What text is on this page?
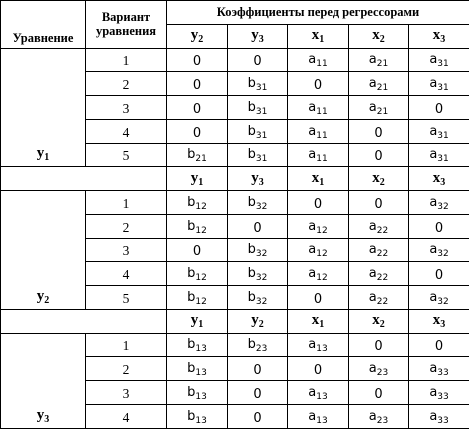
Уравнение	Вариант
уравнения	Коэффициенты перед регрессорами				
		$y_2$	$y_3$	$x_1$	$x_2$	$x_3$
$y_1$	1	0	0	$a_{11}$	$a_{21}$	$a_{31}$
	2	0	$b_{31}$	0	$a_{21}$	$a_{31}$
	3	0	$b_{31}$	$a_{11}$	$a_{21}$	0
	4	0	$b_{31}$	$a_{11}$	0	$a_{31}$
	5	$b_{21}$	$b_{31}$	$a_{11}$	0	$a_{31}$
		$y_1$	$y_3$	$x_1$	$x_2$	$x_3$
$y_2$	1	$b_{12}$	$b_{32}$	0	0	$a_{32}$
	2	$b_{12}$	0	$a_{12}$	$a_{22}$	0
	3	0	$b_{32}$	$a_{12}$	$a_{22}$	$a_{32}$
	4	$b_{12}$	$b_{32}$	$a_{12}$	$a_{22}$	0
	5	$b_{12}$	$b_{32}$	0	$a_{22}$	$a_{32}$
		$y_1$	$y_2$	$x_1$	$x_2$	$x_3$
$y_3$	1	$b_{13}$	$b_{23}$	$a_{13}$	0	0
	2	$b_{13}$	0	0	$a_{23}$	$a_{33}$
	3	$b_{13}$	0	$a_{13}$	0	$a_{33}$
	4	$b_{13}$	0	$a_{13}$	$a_{23}$	$a_{33}$
